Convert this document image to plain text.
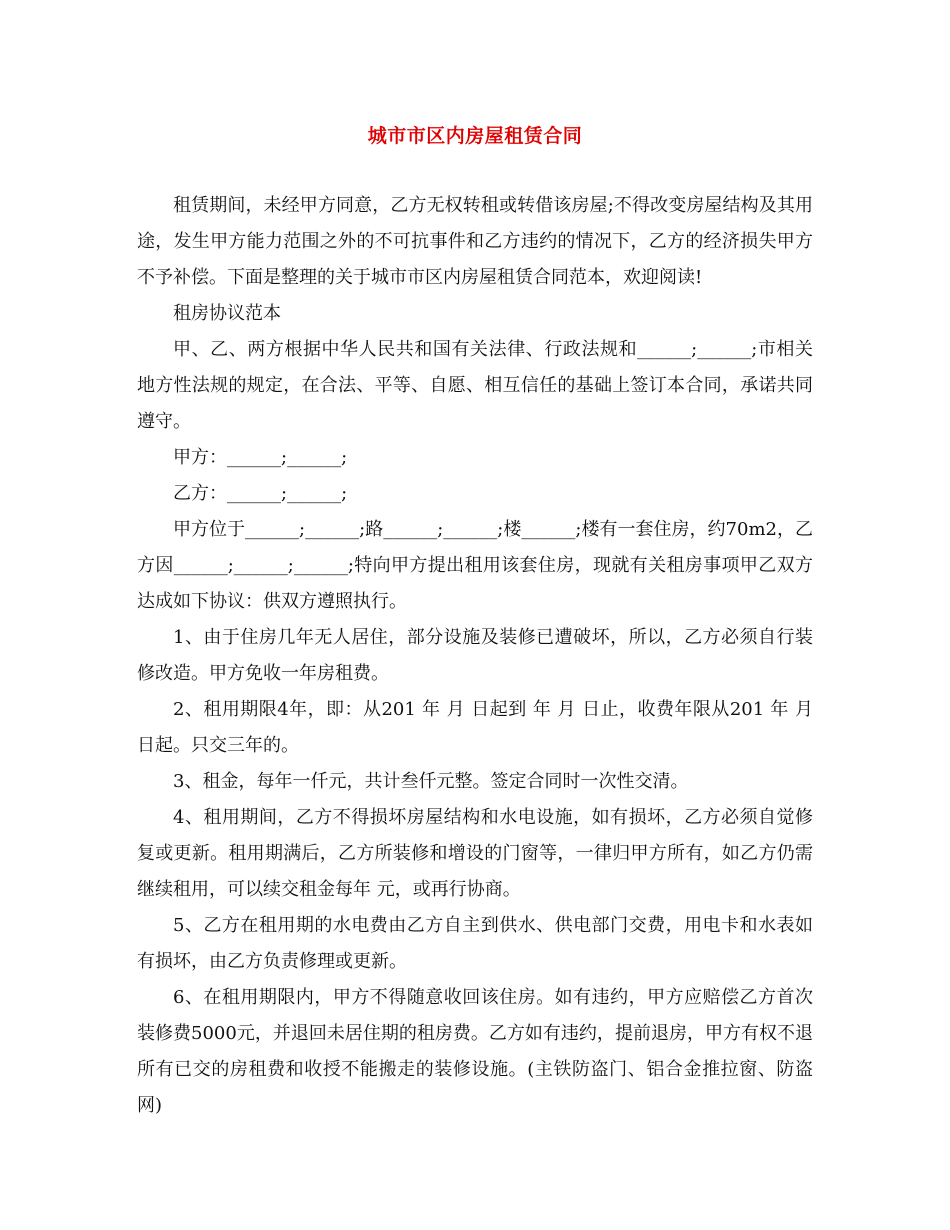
城市市区内房屋租赁合同

租赁期间，未经甲方同意，乙方无权转租或转借该房屋;不得改变房屋结构及其用途，发生甲方能力范围之外的不可抗事件和乙方违约的情况下，乙方的经济损失甲方不予补偿。下面是整理的关于城市市区内房屋租赁合同范本，欢迎阅读!

租房协议范本

甲、乙、两方根据中华人民共和国有关法律、行政法规和______;______;市相关地方性法规的规定，在合法、平等、自愿、相互信任的基础上签订本合同，承诺共同遵守。

甲方：______;______;

乙方：______;______;

甲方位于______;______;路______;______;楼______;楼有一套住房，约70m2，乙方因______;______;______;特向甲方提出租用该套住房，现就有关租房事项甲乙双方达成如下协议：供双方遵照执行。

1、由于住房几年无人居住，部分设施及装修已遭破坏，所以，乙方必须自行装修改造。甲方免收一年房租费。

2、租用期限4年，即：从201 年 月 日起到 年 月 日止，收费年限从201 年 月 日起。只交三年的。

3、租金，每年一仟元，共计叁仟元整。签定合同时一次性交清。

4、租用期间，乙方不得损坏房屋结构和水电设施，如有损坏，乙方必须自觉修复或更新。租用期满后，乙方所装修和增设的门窗等，一律归甲方所有，如乙方仍需继续租用，可以续交租金每年 元，或再行协商。

5、乙方在租用期的水电费由乙方自主到供水、供电部门交费，用电卡和水表如有损坏，由乙方负责修理或更新。

6、在租用期限内，甲方不得随意收回该住房。如有违约，甲方应赔偿乙方首次装修费5000元，并退回未居住期的租房费。乙方如有违约，提前退房，甲方有权不退所有已交的房租费和收授不能搬走的装修设施。(主铁防盗门、铝合金推拉窗、防盗网)
